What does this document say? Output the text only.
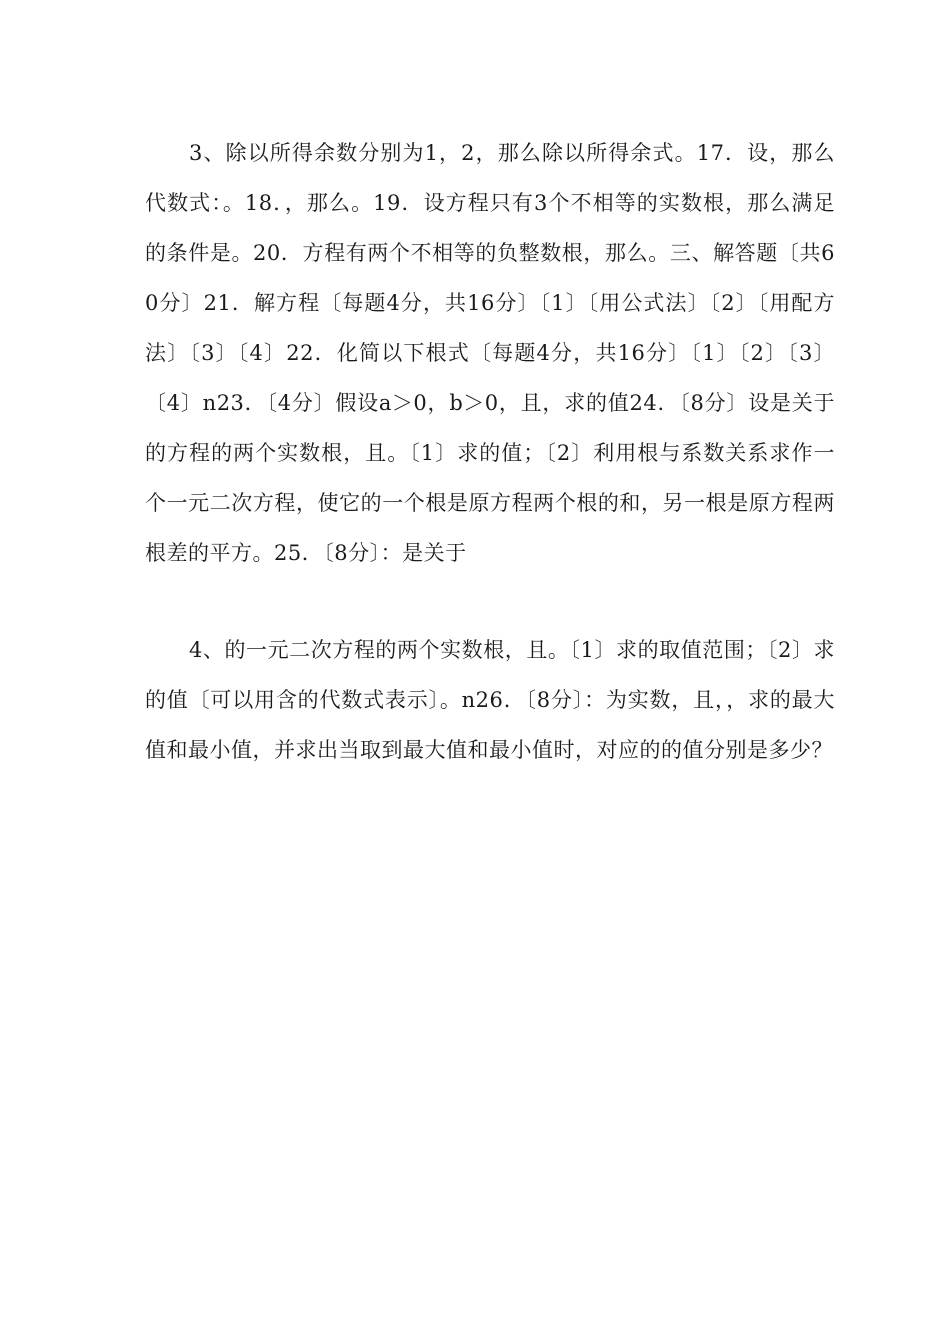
3、除以所得余数分别为1，2，那么除以所得余式。17．设，那么代数式：。18．，那么。19．设方程只有3个不相等的实数根，那么满足的条件是。20．方程有两个不相等的负整数根，那么。三、解答题〔共60分〕21．解方程〔每题4分，共16分〕〔1〕〔用公式法〕〔2〕〔用配方法〕〔3〕〔4〕22．化简以下根式〔每题4分，共16分〕〔1〕〔2〕〔3〕〔4〕n23．〔4分〕假设a＞0，b＞0，且，求的值24．〔8分〕设是关于的方程的两个实数根，且。〔1〕求的值；〔2〕利用根与系数关系求作一个一元二次方程，使它的一个根是原方程两个根的和，另一根是原方程两根差的平方。25．〔8分〕：是关于

4、的一元二次方程的两个实数根，且。〔1〕求的取值范围；〔2〕求的值〔可以用含的代数式表示〕。n26．〔8分〕：为实数，且，，求的最大值和最小值，并求出当取到最大值和最小值时，对应的的值分别是多少？
